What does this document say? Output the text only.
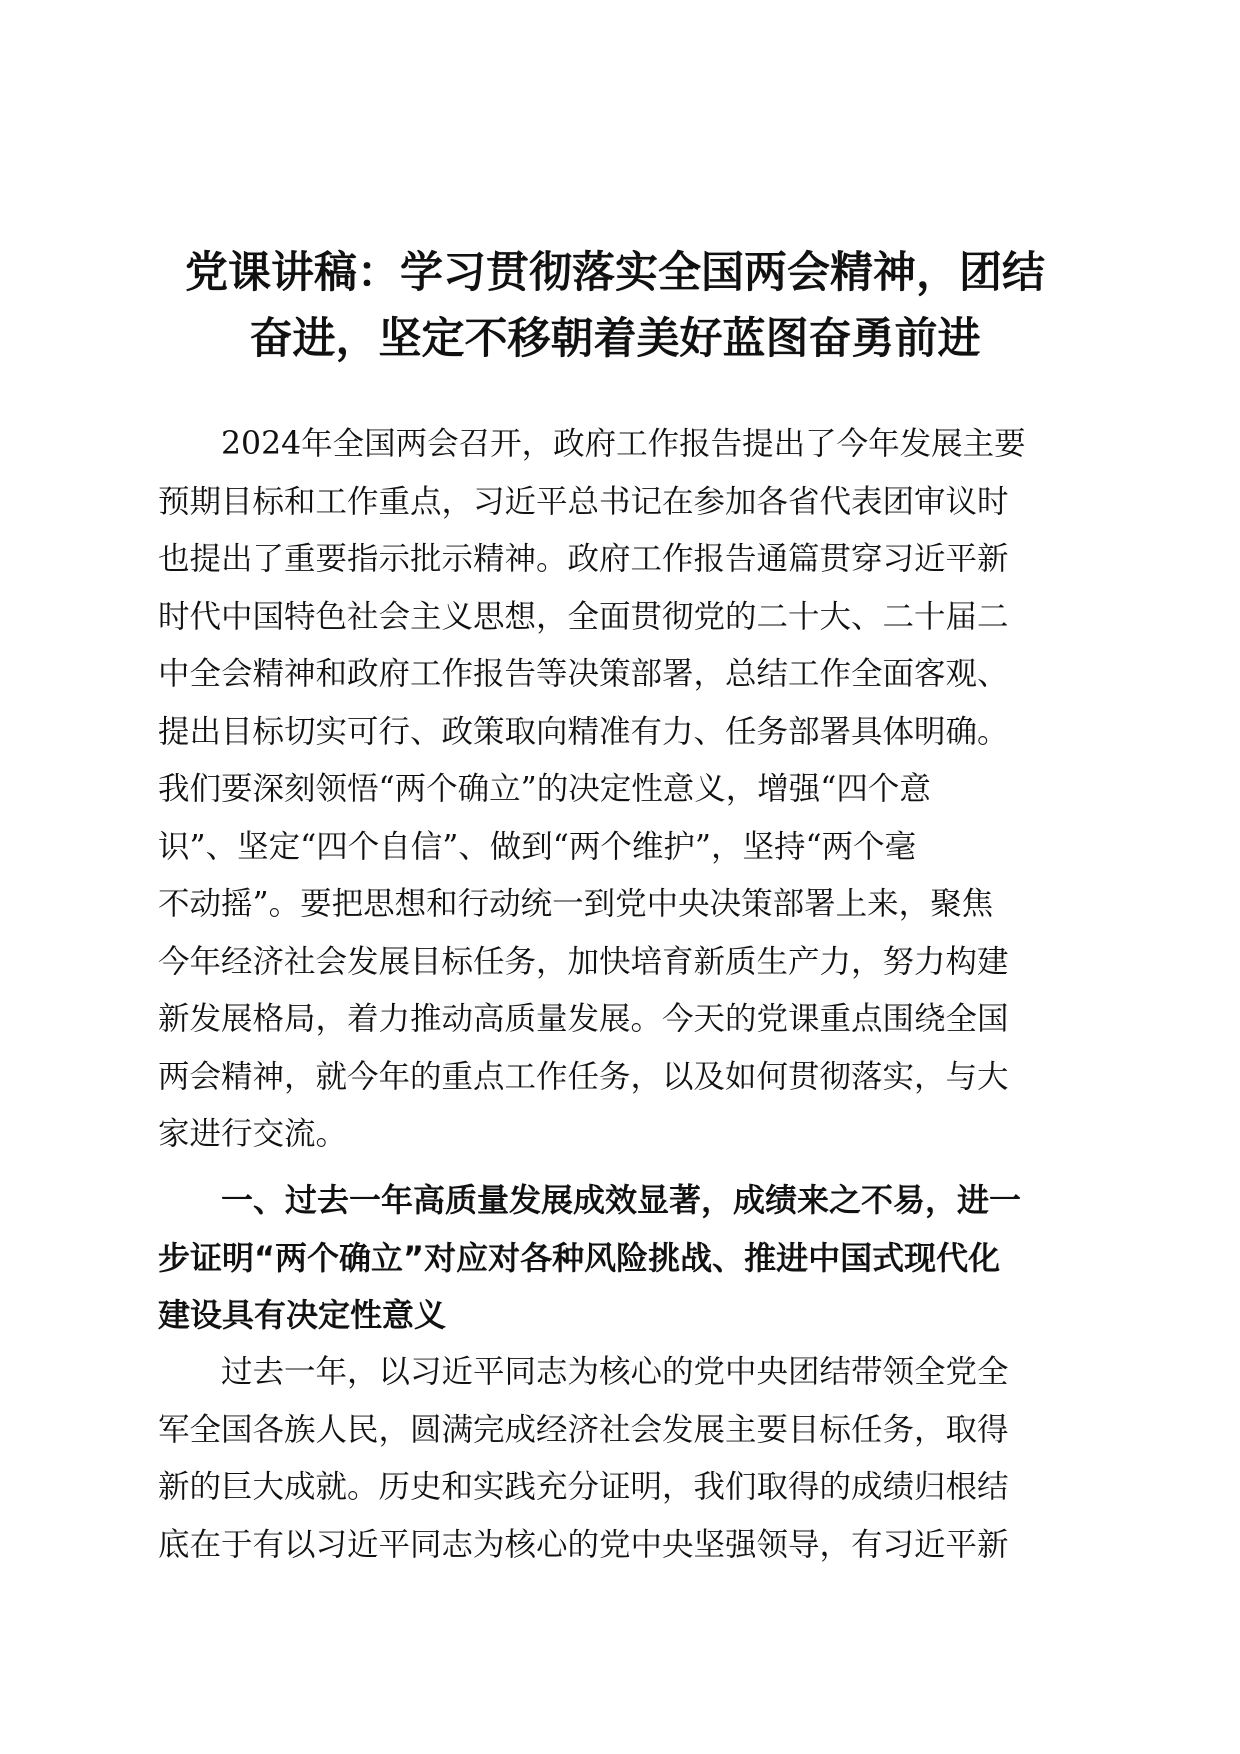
党课讲稿：学习贯彻落实全国两会精神，团结
奋进，坚定不移朝着美好蓝图奋勇前进
2024年全国两会召开，政府工作报告提出了今年发展主要
预期目标和工作重点，习近平总书记在参加各省代表团审议时
也提出了重要指示批示精神。政府工作报告通篇贯穿习近平新
时代中国特色社会主义思想，全面贯彻党的二十大、二十届二
中全会精神和政府工作报告等决策部署，总结工作全面客观、
提出目标切实可行、政策取向精准有力、任务部署具体明确。
我们要深刻领悟“两个确立”的决定性意义，增强“四个意
识”、坚定“四个自信”、做到“两个维护”，坚持“两个毫
不动摇”。要把思想和行动统一到党中央决策部署上来，聚焦
今年经济社会发展目标任务，加快培育新质生产力，努力构建
新发展格局，着力推动高质量发展。今天的党课重点围绕全国
两会精神，就今年的重点工作任务，以及如何贯彻落实，与大
家进行交流。
一、过去一年高质量发展成效显著，成绩来之不易，进一
步证明“两个确立”对应对各种风险挑战、推进中国式现代化
建设具有决定性意义
过去一年，以习近平同志为核心的党中央团结带领全党全
军全国各族人民，圆满完成经济社会发展主要目标任务，取得
新的巨大成就。历史和实践充分证明，我们取得的成绩归根结
底在于有以习近平同志为核心的党中央坚强领导，有习近平新
